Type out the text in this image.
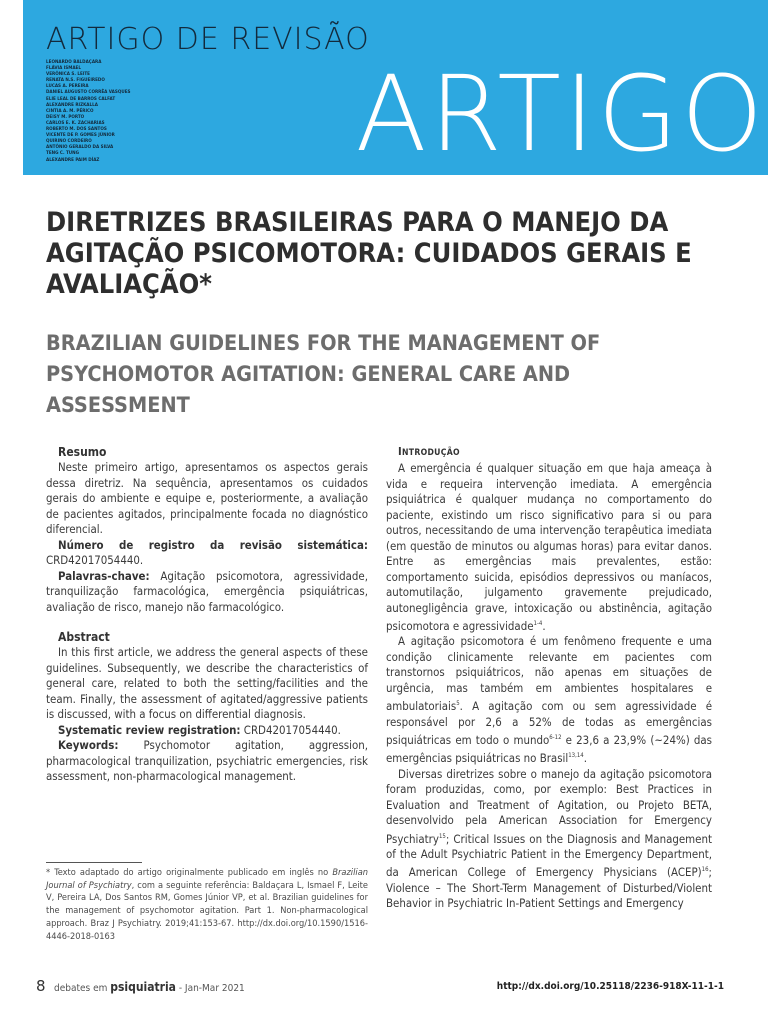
ARTIGO DE REVISÃO
LEONARDO BALDAÇARA
FLÁVIA ISMAEL
VERÔNICA S. LEITE
RENATA N.S. FIGUEIREDO
LUCAS A. PEREIRA
DANIEL AUGUSTO CORRÊA VASQUES
ELIE LEAL DE BARROS CALFAT
ALEXANDRE RIZKALLA
CINTIA A. M. PÉRICO
DEISY M. PORTO
CARLOS E. K. ZACHARIAS
ROBERTO M. DOS SANTOS
VICENTE DE P. GOMES JÚNIOR
QUIRINO CORDEIRO
ANTÔNIO GERALDO DA SILVA
TENG C. TUNG
ALEXANDRE PAIM DÍAZ ARTIGO
DIRETRIZES BRASILEIRAS PARA O MANEJO DA AGITAÇÃO PSICOMOTORA: CUIDADOS GERAIS E AVALIAÇÃO*
BRAZILIAN GUIDELINES FOR THE MANAGEMENT OF PSYCHOMOTOR AGITATION: GENERAL CARE AND ASSESSMENT
Resumo

Neste primeiro artigo, apresentamos os aspectos gerais dessa diretriz. Na sequência, apresentamos os cuidados gerais do ambiente e equipe e, posteriormente, a avaliação de pacientes agitados, principalmente focada no diagnóstico diferencial.

Número de registro da revisão sistemática: CRD42017054440.

Palavras-chave: Agitação psicomotora, agressividade, tranquilização farmacológica, emergência psiquiátricas, avaliação de risco, manejo não farmacológico.

Abstract

In this first article, we address the general aspects of these guidelines. Subsequently, we describe the characteristics of general care, related to both the setting/facilities and the team. Finally, the assessment of agitated/aggressive patients is discussed, with a focus on differential diagnosis.

Systematic review registration: CRD42017054440.

Keywords: Psychomotor agitation, aggression, pharmacological tranquilization, psychiatric emergencies, risk assessment, non-pharmacological management.

* Texto adaptado do artigo originalmente publicado em inglês no Brazilian Journal of Psychiatry, com a seguinte referência: Baldaçara L, Ismael F, Leite V, Pereira LA, Dos Santos RM, Gomes Júnior VP, et al. Brazilian guidelines for the management of psychomotor agitation. Part 1. Non-pharmacological approach. Braz J Psychiatry. 2019;41:153-67. http://dx.doi.org/10.1590/1516-4446-2018-0163

INTRODUÇÃO

A emergência é qualquer situação em que haja ameaça à vida e requeira intervenção imediata. A emergência psiquiátrica é qualquer mudança no comportamento do paciente, existindo um risco significativo para si ou para outros, necessitando de uma intervenção terapêutica imediata (em questão de minutos ou algumas horas) para evitar danos. Entre as emergências mais prevalentes, estão: comportamento suicida, episódios depressivos ou maníacos, automutilação, julgamento gravemente prejudicado, autonegligência grave, intoxicação ou abstinência, agitação psicomotora e agressividade$^{1-4}$.

A agitação psicomotora é um fenômeno frequente e uma condição clinicamente relevante em pacientes com transtornos psiquiátricos, não apenas em situações de urgência, mas também em ambientes hospitalares e ambulatoriais$^5$. A agitação com ou sem agressividade é responsável por 2,6 a 52% de todas as emergências psiquiátricas em todo o mundo$^{6-12}$ e 23,6 a 23,9% (~24%) das emergências psiquiátricas no Brasil$^{13,14}$.

Diversas diretrizes sobre o manejo da agitação psicomotora foram produzidas, como, por exemplo: Best Practices in Evaluation and Treatment of Agitation, ou Projeto BETA, desenvolvido pela American Association for Emergency Psychiatry$^{15}$; Critical Issues on the Diagnosis and Management of the Adult Psychiatric Patient in the Emergency Department, da American College of Emergency Physicians (ACEP)$^{16}$; Violence – The Short-Term Management of Disturbed/Violent Behavior in Psychiatric In-Patient Settings and Emergency

8 debates em psiquiatria - Jan-Mar 2021	http://dx.doi.org/10.25118/2236-918X-11-1-1
